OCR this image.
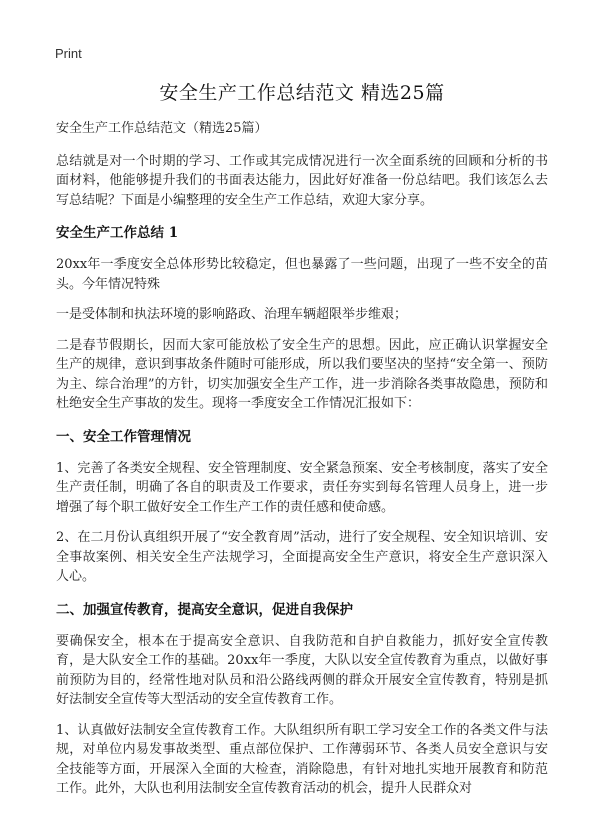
Print
安全生产工作总结范文 精选25篇

安全生产工作总结范文（精选25篇）

总结就是对一个时期的学习、工作或其完成情况进行一次全面系统的回顾和分析的书面材料，他能够提升我们的书面表达能力，因此好好准备一份总结吧。我们该怎么去写总结呢？下面是小编整理的安全生产工作总结，欢迎大家分享。

安全生产工作总结 1

20xx年一季度安全总体形势比较稳定，但也暴露了一些问题，出现了一些不安全的苗头。今年情况特殊

一是受体制和执法环境的影响路政、治理车辆超限举步维艰；

二是春节假期长，因而大家可能放松了安全生产的思想。因此，应正确认识掌握安全生产的规律，意识到事故条件随时可能形成，所以我们要坚决的坚持“安全第一、预防为主、综合治理”的方针，切实加强安全生产工作，进一步消除各类事故隐患，预防和杜绝安全生产事故的发生。现将一季度安全工作情况汇报如下：

一、安全工作管理情况

1、完善了各类安全规程、安全管理制度、安全紧急预案、安全考核制度，落实了安全生产责任制，明确了各自的职责及工作要求，责任夯实到每名管理人员身上，进一步增强了每个职工做好安全工作生产工作的责任感和使命感。

2、在二月份认真组织开展了“安全教育周”活动，进行了安全规程、安全知识培训、安全事故案例、相关安全生产法规学习，全面提高安全生产意识，将安全生产意识深入人心。

二、加强宣传教育，提高安全意识，促进自我保护

要确保安全，根本在于提高安全意识、自我防范和自护自救能力，抓好安全宣传教育，是大队安全工作的基础。20xx年一季度，大队以安全宣传教育为重点，以做好事前预防为目的，经常性地对队员和沿公路线两侧的群众开展安全宣传教育，特别是抓好法制安全宣传等大型活动的安全宣传教育工作。

1、认真做好法制安全宣传教育工作。大队组织所有职工学习安全工作的各类文件与法规，对单位内易发事故类型、重点部位保护、工作薄弱环节、各类人员安全意识与安全技能等方面，开展深入全面的大检查，消除隐患，有针对地扎实地开展教育和防范工作。此外，大队也利用法制安全宣传教育活动的机会，提升人民群众对
